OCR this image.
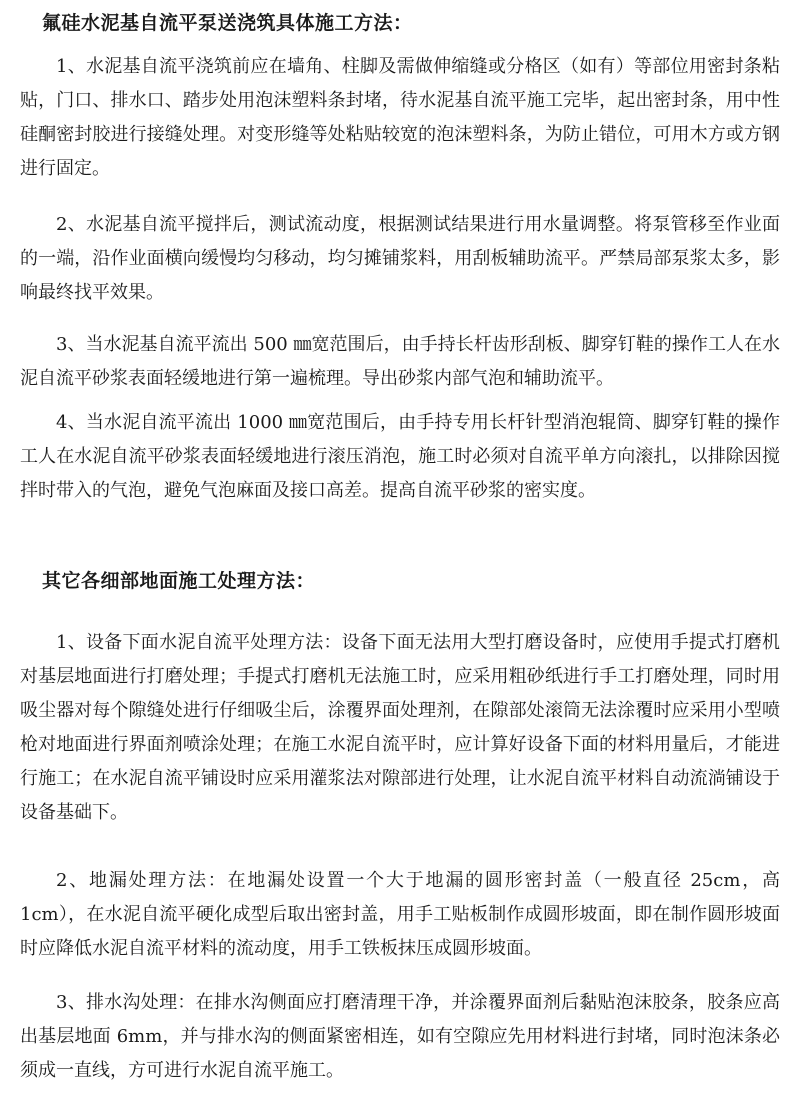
氟硅水泥基自流平泵送浇筑具体施工方法：

1、水泥基自流平浇筑前应在墙角、柱脚及需做伸缩缝或分格区（如有）等部位用密封条粘贴，门口、排水口、踏步处用泡沫塑料条封堵，待水泥基自流平施工完毕，起出密封条，用中性硅酮密封胶进行接缝处理。对变形缝等处粘贴较宽的泡沫塑料条，为防止错位，可用木方或方钢进行固定。

2、水泥基自流平搅拌后，测试流动度，根据测试结果进行用水量调整。将泵管移至作业面的一端，沿作业面横向缓慢均匀移动，均匀摊铺浆料，用刮板辅助流平。严禁局部泵浆太多，影响最终找平效果。

3、当水泥基自流平流出 500 ㎜宽范围后，由手持长杆齿形刮板、脚穿钉鞋的操作工人在水泥自流平砂浆表面轻缓地进行第一遍梳理。导出砂浆内部气泡和辅助流平。

4、当水泥自流平流出 1000 ㎜宽范围后，由手持专用长杆针型消泡辊筒、脚穿钉鞋的操作工人在水泥自流平砂浆表面轻缓地进行滚压消泡，施工时必须对自流平单方向滚扎，以排除因搅拌时带入的气泡，避免气泡麻面及接口高差。提高自流平砂浆的密实度。

其它各细部地面施工处理方法：

1、设备下面水泥自流平处理方法：设备下面无法用大型打磨设备时，应使用手提式打磨机对基层地面进行打磨处理；手提式打磨机无法施工时，应采用粗砂纸进行手工打磨处理，同时用吸尘器对每个隙缝处进行仔细吸尘后，涂覆界面处理剂，在隙部处滚筒无法涂覆时应采用小型喷枪对地面进行界面剂喷涂处理；在施工水泥自流平时，应计算好设备下面的材料用量后，才能进行施工；在水泥自流平铺设时应采用灌浆法对隙部进行处理，让水泥自流平材料自动流淌铺设于设备基础下。

2、地漏处理方法：在地漏处设置一个大于地漏的圆形密封盖（一般直径 25cm，高 1cm），在水泥自流平硬化成型后取出密封盖，用手工贴板制作成圆形坡面，即在制作圆形坡面时应降低水泥自流平材料的流动度，用手工铁板抹压成圆形坡面。

3、排水沟处理：在排水沟侧面应打磨清理干净，并涂覆界面剂后黏贴泡沫胶条，胶条应高出基层地面 6mm，并与排水沟的侧面紧密相连，如有空隙应先用材料进行封堵，同时泡沫条必须成一直线，方可进行水泥自流平施工。
